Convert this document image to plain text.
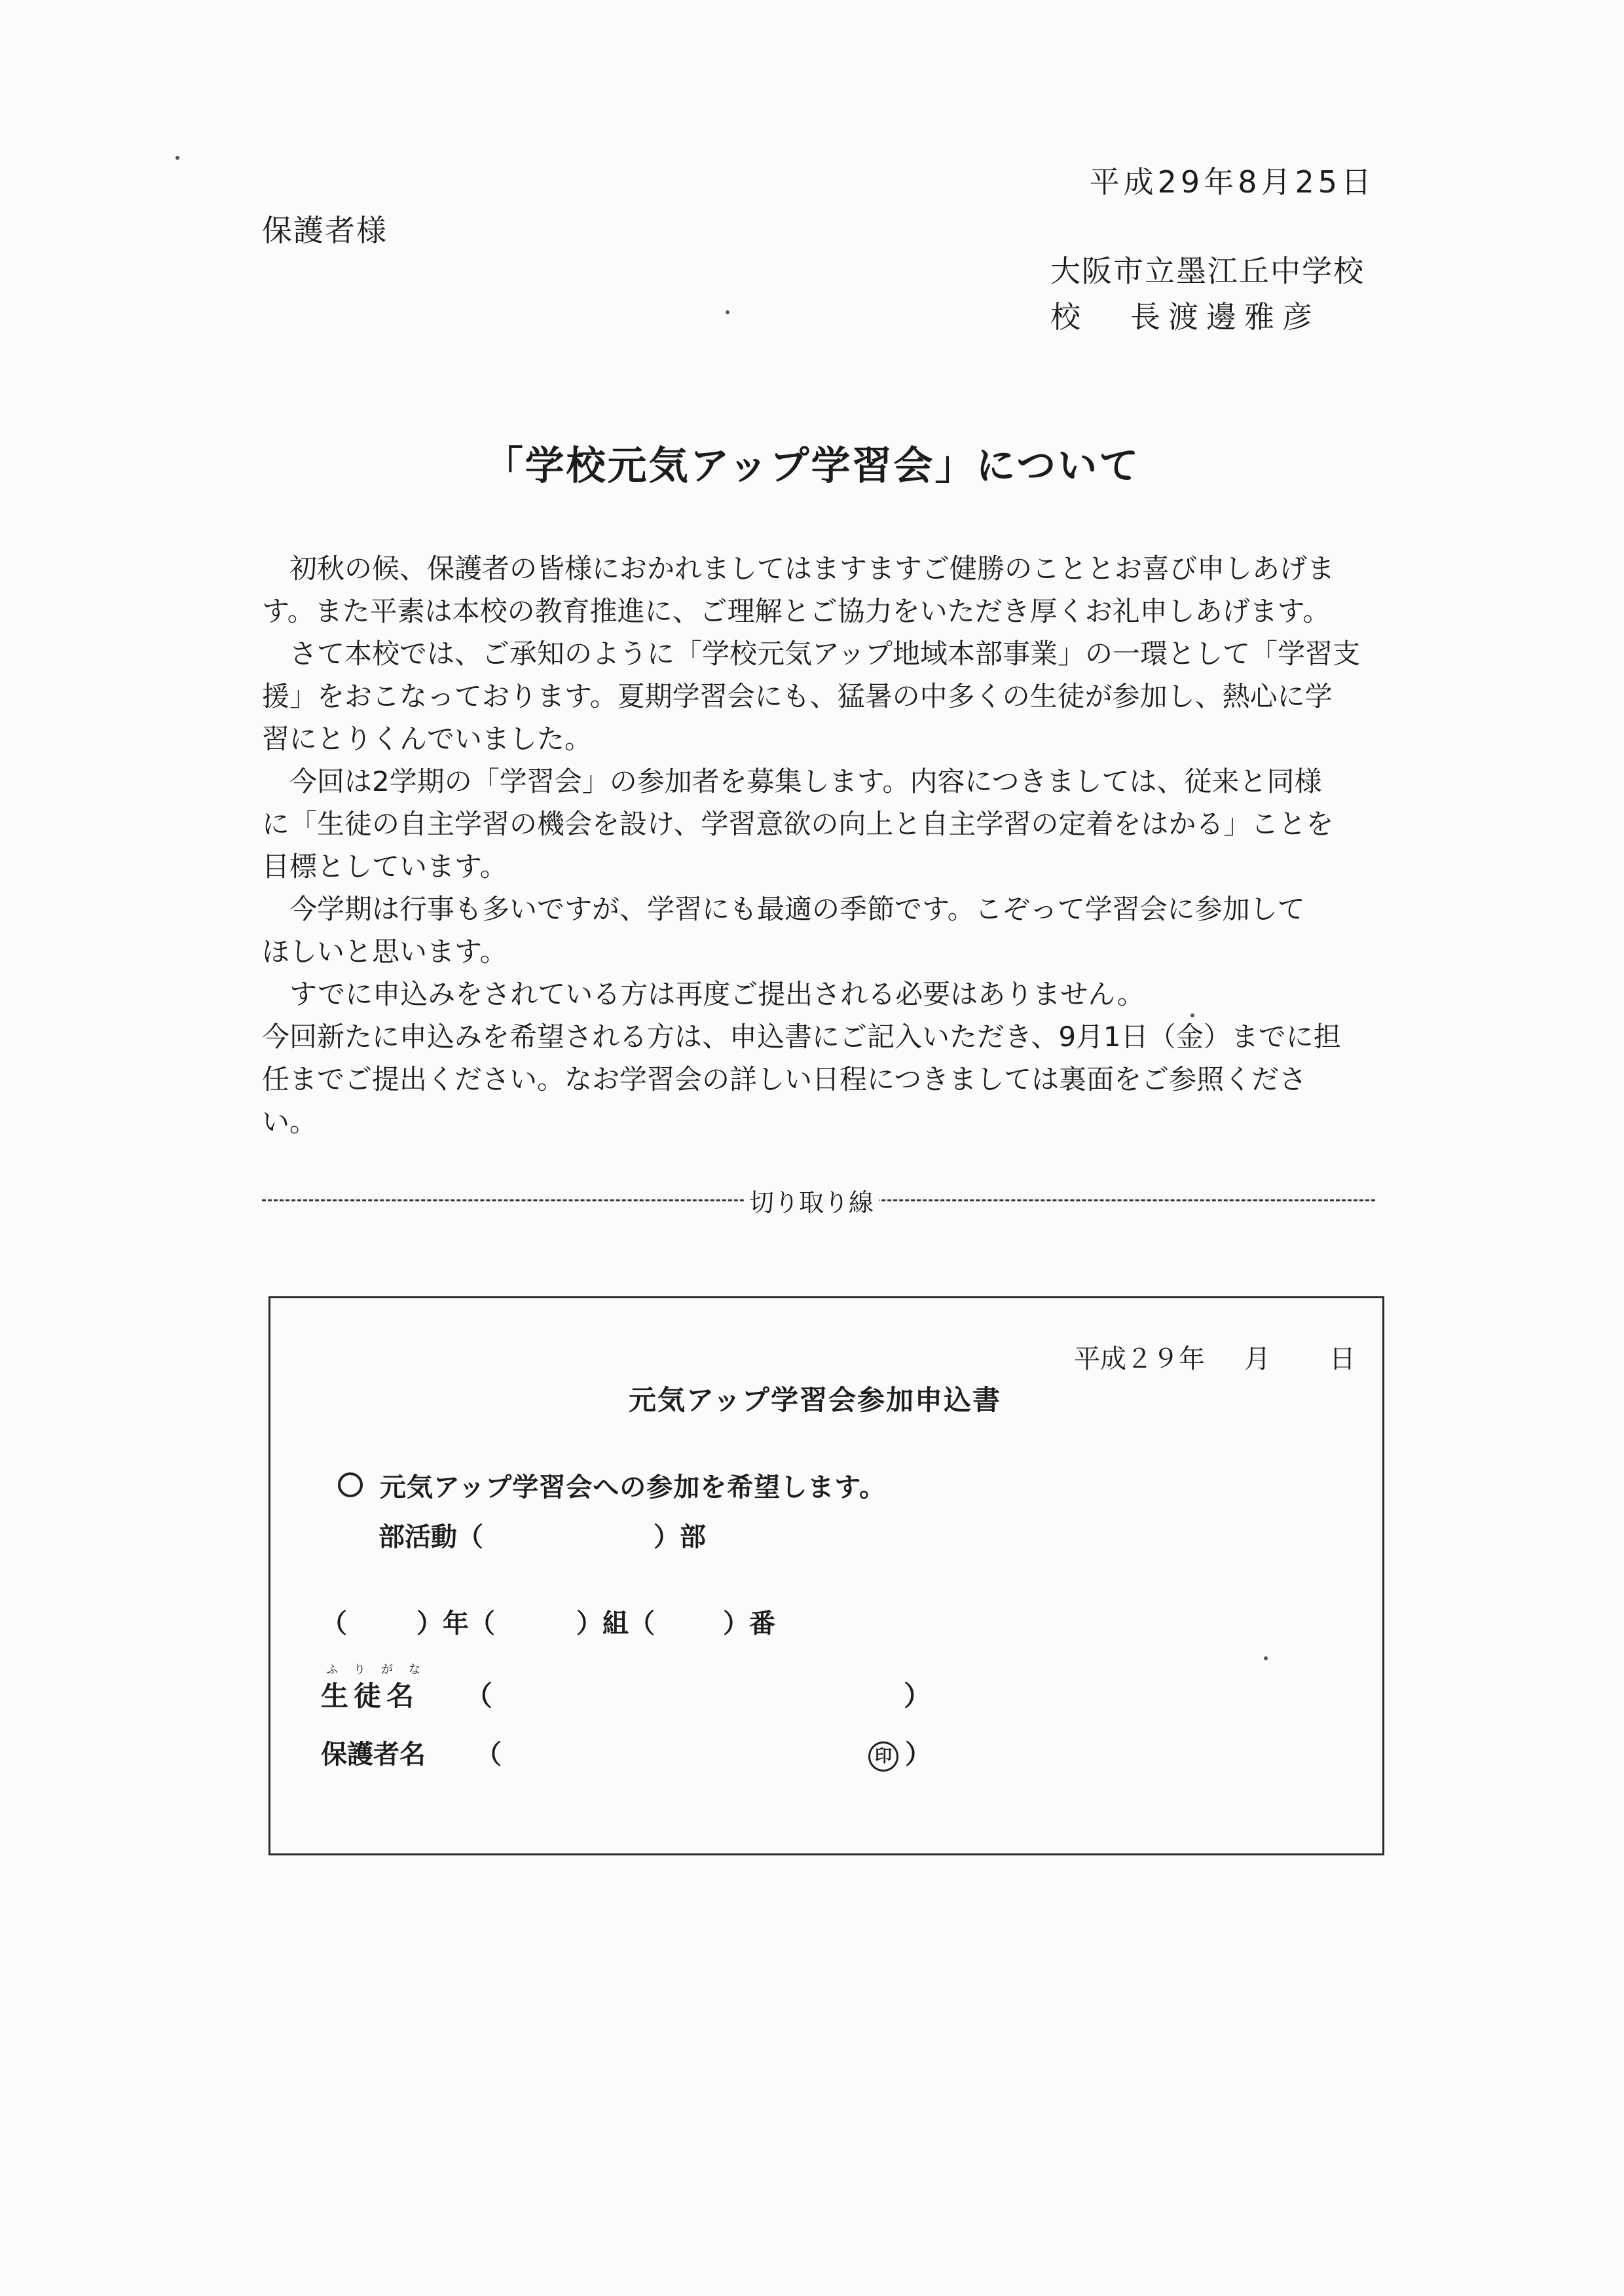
平成29年8月25日
保護者様
大阪市立墨江丘中学校
校 長渡邊雅彦
「学校元気アップ学習会」について
　初秋の候、保護者の皆様におかれましてはますますご健勝のこととお喜び申しあげま
す。また平素は本校の教育推進に、ご理解とご協力をいただき厚くお礼申しあげます。
　さて本校では、ご承知のように「学校元気アップ地域本部事業」の一環として「学習支
援」をおこなっております。夏期学習会にも、猛暑の中多くの生徒が参加し、熱心に学
習にとりくんでいました。
　今回は2学期の「学習会」の参加者を募集します。内容につきましては、従来と同様
に「生徒の自主学習の機会を設け、学習意欲の向上と自主学習の定着をはかる」ことを
目標としています。
　今学期は行事も多いですが、学習にも最適の季節です。こぞって学習会に参加して
ほしいと思います。
　すでに申込みをされている方は再度ご提出される必要はありません。
今回新たに申込みを希望される方は、申込書にご記入いただき、9月1日（金）までに担
任までご提出ください。なお学習会の詳しい日程につきましては裏面をご参照くださ
い。
切り取り線
平成２９年 月 日
元気アップ学習会参加申込書
元気アップ学習会への参加を希望します。
部活動（	）部
（	）年（	）組（	）番
ふりがな
生徒名 （	）
保護者名 （	印 ）
